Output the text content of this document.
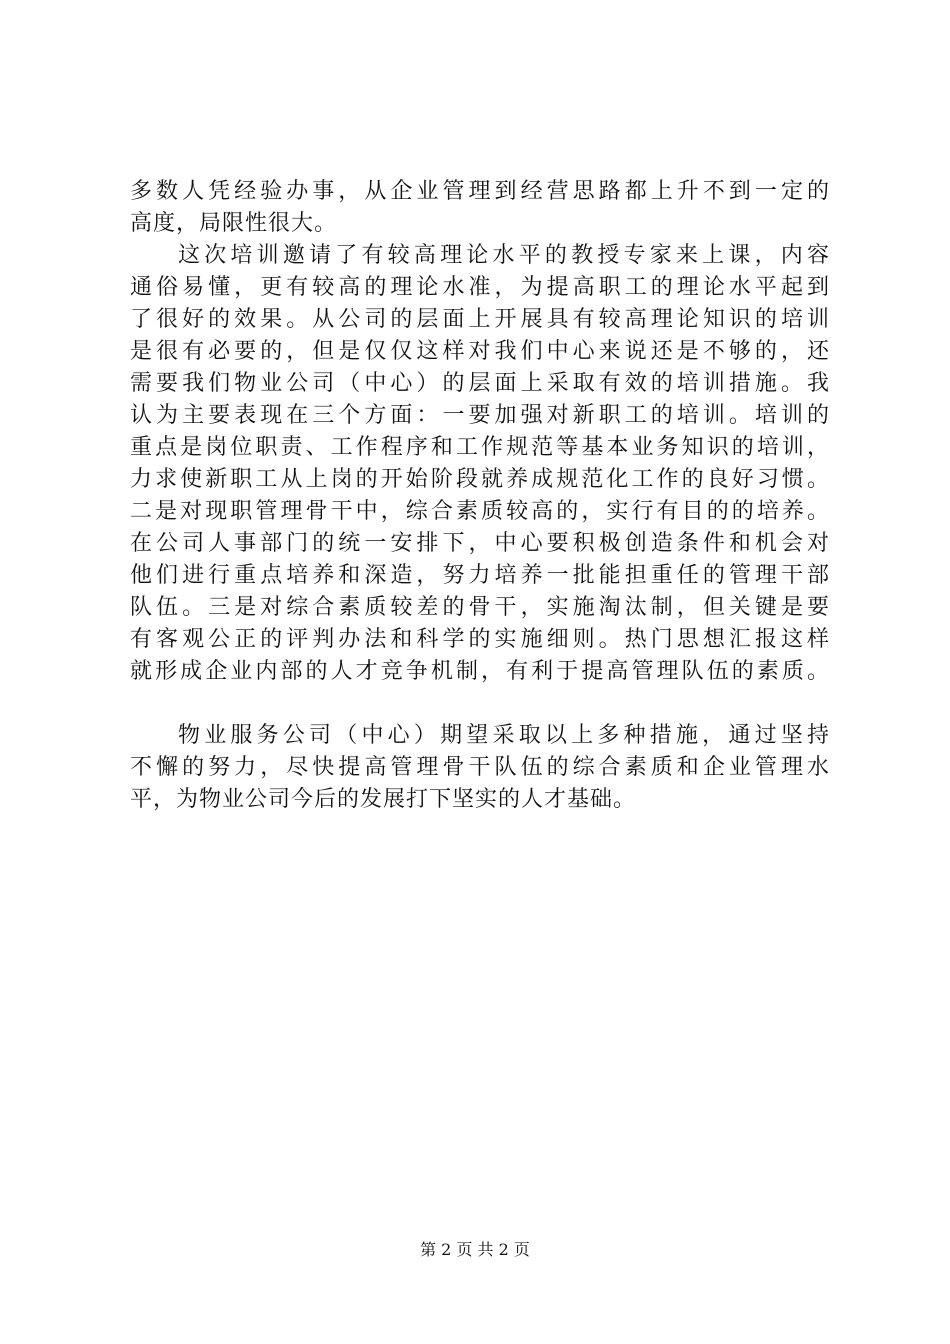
多数人凭经验办事，从企业管理到经营思路都上升不到一定的
高度，局限性很大。
这次培训邀请了有较高理论水平的教授专家来上课，内容
通俗易懂，更有较高的理论水准，为提高职工的理论水平起到
了很好的效果。从公司的层面上开展具有较高理论知识的培训
是很有必要的，但是仅仅这样对我们中心来说还是不够的，还
需要我们物业公司（中心）的层面上采取有效的培训措施。我
认为主要表现在三个方面：一要加强对新职工的培训。培训的
重点是岗位职责、工作程序和工作规范等基本业务知识的培训，
力求使新职工从上岗的开始阶段就养成规范化工作的良好习惯。
二是对现职管理骨干中，综合素质较高的，实行有目的的培养。
在公司人事部门的统一安排下，中心要积极创造条件和机会对
他们进行重点培养和深造，努力培养一批能担重任的管理干部
队伍。三是对综合素质较差的骨干，实施淘汰制，但关键是要
有客观公正的评判办法和科学的实施细则。热门思想汇报这样
就形成企业内部的人才竞争机制，有利于提高管理队伍的素质。
物业服务公司（中心）期望采取以上多种措施，通过坚持
不懈的努力，尽快提高管理骨干队伍的综合素质和企业管理水
平，为物业公司今后的发展打下坚实的人才基础。
第 2 页 共 2 页
